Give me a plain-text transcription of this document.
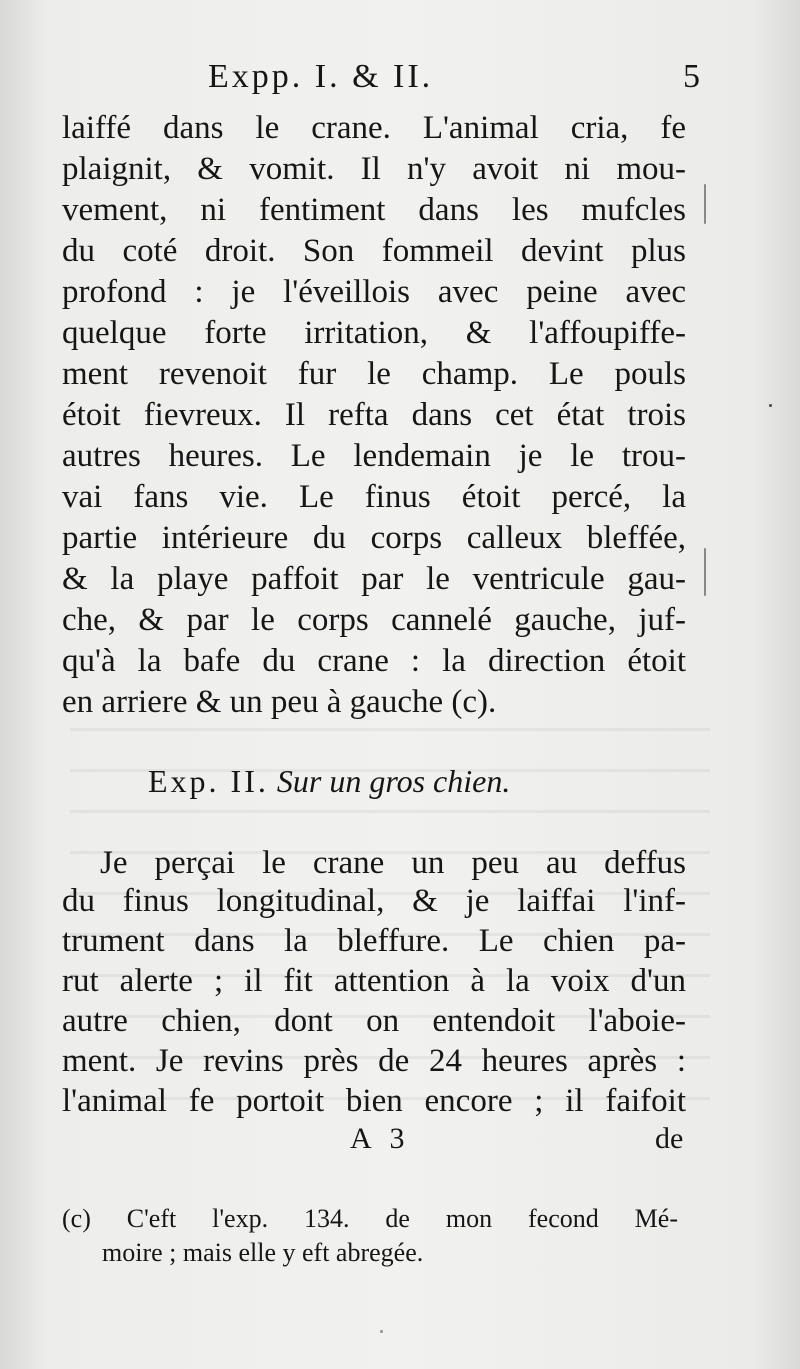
Expp. I. & II.	5

laiffé dans le crane. L'animal cria, fe

plaignit, & vomit. Il n'y avoit ni mou-

vement, ni fentiment dans les mufcles

du coté droit. Son fommeil devint plus

profond : je l'éveillois avec peine avec

quelque forte irritation, & l'affoupiffe-

ment revenoit fur le champ. Le pouls

étoit fievreux. Il refta dans cet état trois

autres heures. Le lendemain je le trou-

vai fans vie. Le finus étoit percé, la

partie intérieure du corps calleux bleffée,

& la playe paffoit par le ventricule gau-

che, & par le corps cannelé gauche, juf-

qu'à la bafe du crane : la direction étoit

en arriere & un peu à gauche (c).

Exp. II. Sur un gros chien.

Je perçai le crane un peu au deffus

du finus longitudinal, & je laiffai l'inf-

trument dans la bleffure. Le chien pa-

rut alerte ; il fit attention à la voix d'un

autre chien, dont on entendoit l'aboie-

ment. Je revins près de 24 heures après :

l'animal fe portoit bien encore ; il faifoit

A 3	de

(c) C'eft l'exp. 134. de mon fecond Mé-

moire ; mais elle y eft abregée.
